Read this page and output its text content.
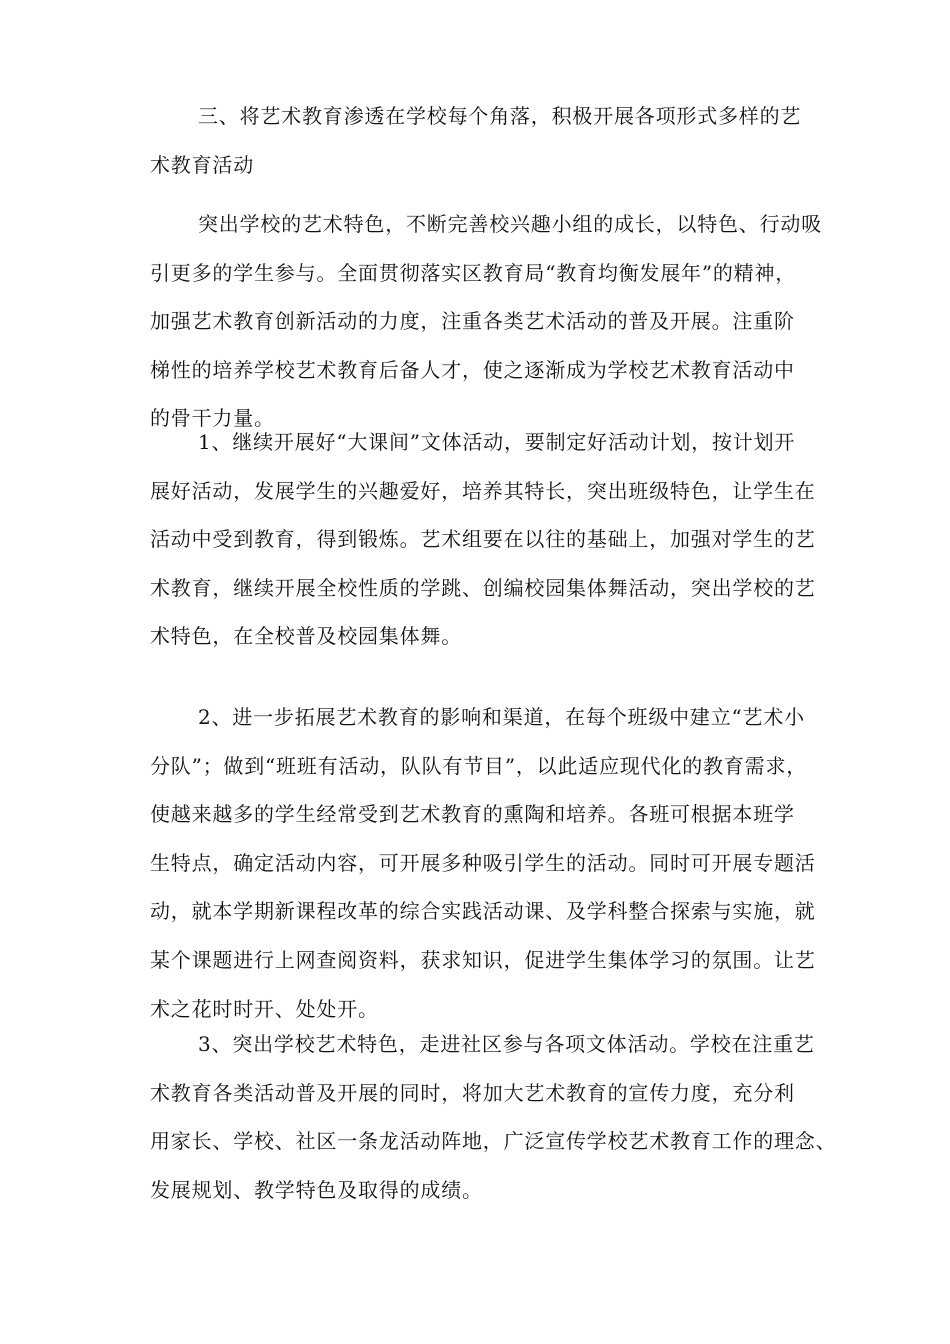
三、将艺术教育渗透在学校每个角落，积极开展各项形式多样的艺
术教育活动

突出学校的艺术特色，不断完善校兴趣小组的成长，以特色、行动吸
引更多的学生参与。全面贯彻落实区教育局“教育均衡发展年”的精神，
加强艺术教育创新活动的力度，注重各类艺术活动的普及开展。注重阶
梯性的培养学校艺术教育后备人才，使之逐渐成为学校艺术教育活动中
的骨干力量。

1、继续开展好“大课间”文体活动，要制定好活动计划，按计划开
展好活动，发展学生的兴趣爱好，培养其特长，突出班级特色，让学生在
活动中受到教育，得到锻炼。艺术组要在以往的基础上，加强对学生的艺
术教育，继续开展全校性质的学跳、创编校园集体舞活动，突出学校的艺
术特色，在全校普及校园集体舞。

2、进一步拓展艺术教育的影响和渠道，在每个班级中建立“艺术小
分队”；做到“班班有活动，队队有节目”，以此适应现代化的教育需求，
使越来越多的学生经常受到艺术教育的熏陶和培养。各班可根据本班学
生特点，确定活动内容，可开展多种吸引学生的活动。同时可开展专题活
动，就本学期新课程改革的综合实践活动课、及学科整合探索与实施，就
某个课题进行上网查阅资料，获求知识，促进学生集体学习的氛围。让艺
术之花时时开、处处开。

3、突出学校艺术特色，走进社区参与各项文体活动。学校在注重艺
术教育各类活动普及开展的同时，将加大艺术教育的宣传力度，充分利
用家长、学校、社区一条龙活动阵地，广泛宣传学校艺术教育工作的理念、
发展规划、教学特色及取得的成绩。
